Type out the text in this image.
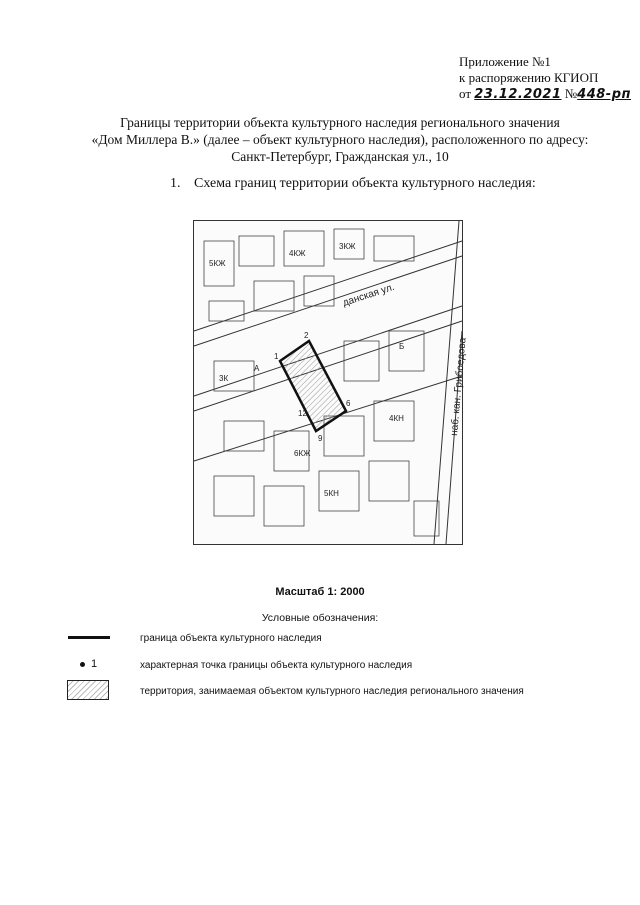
Приложение №1
к распоряжению КГИОП
от 23.12.2021 №448-рп
Границы территории объекта культурного наследия регионального значения
«Дом Миллера В.» (далее – объект культурного наследия), расположенного по адресу:
Санкт-Петербург, Гражданская ул., 10
1. Схема границ территории объекта культурного наследия:
данская ул.
наб. кан. Грибоедова
5КЖ
4КЖ
3КЖ
6КЖ
4КН
5КН
3К
А
Б
1
2
6
9
12
Масштаб 1: 2000
Условные обозначения:
граница объекта культурного наследия
1	характерная точка границы объекта культурного наследия
территория, занимаемая объектом культурного наследия регионального значения
